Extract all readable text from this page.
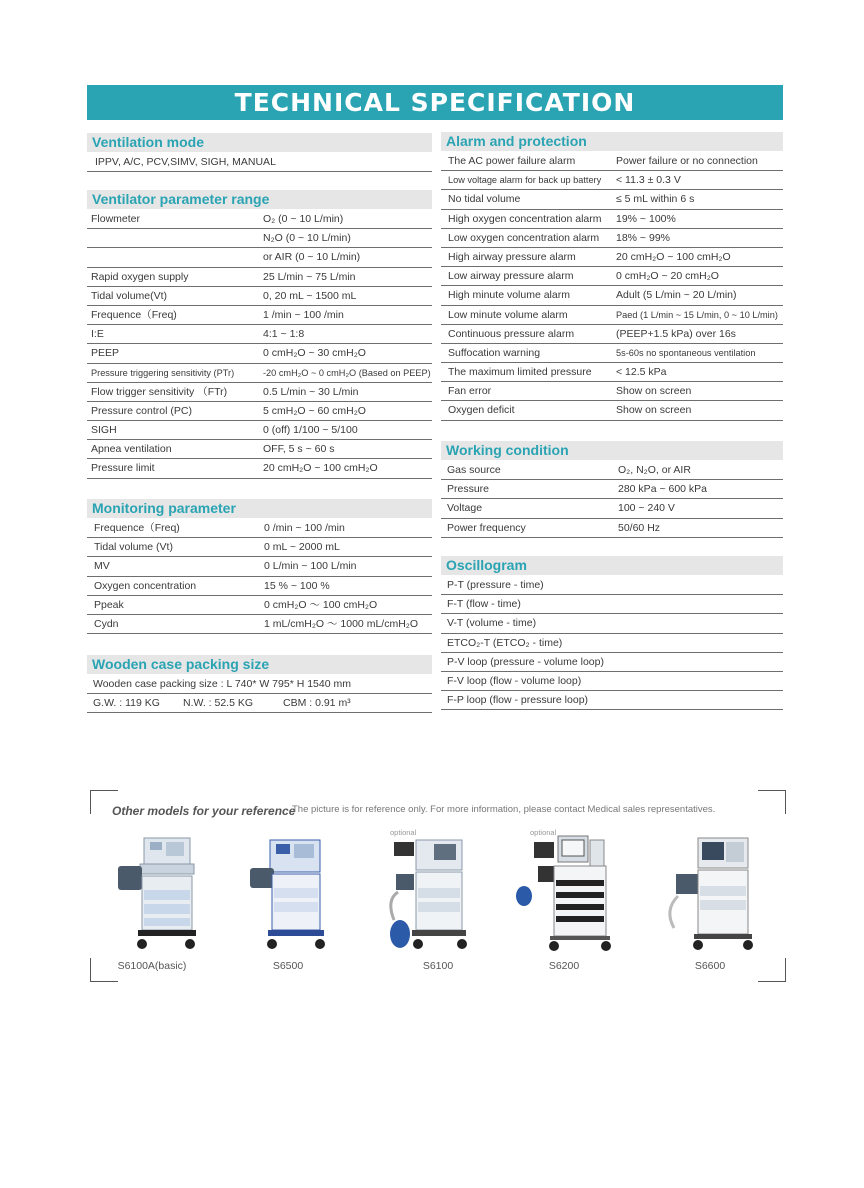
TECHNICAL SPECIFICATION
Ventilation mode
IPPV, A/C, PCV,SIMV, SIGH, MANUAL
Ventilator parameter range
Flowmeter	O₂ (0 ~ 10 L/min)
N₂O (0 ~ 10 L/min)
or AIR (0 ~ 10 L/min)
Rapid oxygen supply	25 L/min ~ 75 L/min
Tidal volume(Vt)	0, 20 mL ~ 1500 mL
Frequence（Freq)	1 /min ~ 100 /min
I:E	4:1 ~ 1:8
PEEP	0 cmH₂O ~ 30 cmH₂O
Pressure triggering sensitivity (PTr)	-20 cmH₂O ~ 0 cmH₂O (Based on PEEP)
Flow trigger sensitivity （FTr)	0.5 L/min ~ 30 L/min
Pressure control (PC)	5 cmH₂O ~ 60 cmH₂O
SIGH	0 (off) 1/100 ~ 5/100
Apnea ventilation	OFF, 5 s ~ 60 s
Pressure limit	20 cmH₂O ~ 100 cmH₂O
Monitoring parameter
Frequence（Freq)	0 /min ~ 100 /min
Tidal volume (Vt)	0 mL ~ 2000 mL
MV	0 L/min ~ 100 L/min
Oxygen concentration	15 % ~ 100 %
Ppeak	0 cmH₂O ～ 100 cmH₂O
Cydn	1 mL/cmH₂O ～ 1000 mL/cmH₂O
Wooden case packing size
Wooden case packing size : L 740* W 795* H 1540 mm
G.W. : 119 KG	N.W. : 52.5 KG	CBM : 0.91 m³
Alarm and protection
The AC power failure alarm	Power failure or no connection
Low voltage alarm for back up battery	< 11.3 ± 0.3 V
No tidal volume	≤ 5 mL within 6 s
High oxygen concentration alarm	19% ~ 100%
Low oxygen concentration alarm	18% ~ 99%
High airway pressure alarm	20 cmH₂O ~ 100 cmH₂O
Low airway pressure alarm	0 cmH₂O ~ 20 cmH₂O
High minute volume alarm	Adult (5 L/min ~ 20 L/min)
Low minute volume alarm	Paed (1 L/min ~ 15 L/min, 0 ~ 10 L/min)
Continuous pressure alarm	(PEEP+1.5 kPa) over 16s
Suffocation warning	5s-60s no spontaneous ventilation
The maximum limited pressure	< 12.5 kPa
Fan error	Show on screen
Oxygen deficit	Show on screen
Working condition
Gas source	O₂, N₂O, or AIR
Pressure	280 kPa ~ 600 kPa
Voltage	100 ~ 240 V
Power frequency	50/60 Hz
Oscillogram
P-T (pressure - time)
F-T (flow - time)
V-T (volume - time)
ETCO₂-T (ETCO₂ - time)
P-V loop (pressure - volume loop)
F-V loop (flow - volume loop)
F-P loop (flow - pressure loop)
Other models for your reference
The picture is for reference only. For more information, please contact Medical sales representatives.
S6100A(basic)	S6500
optional
S6100
optional
S6200	S6600
